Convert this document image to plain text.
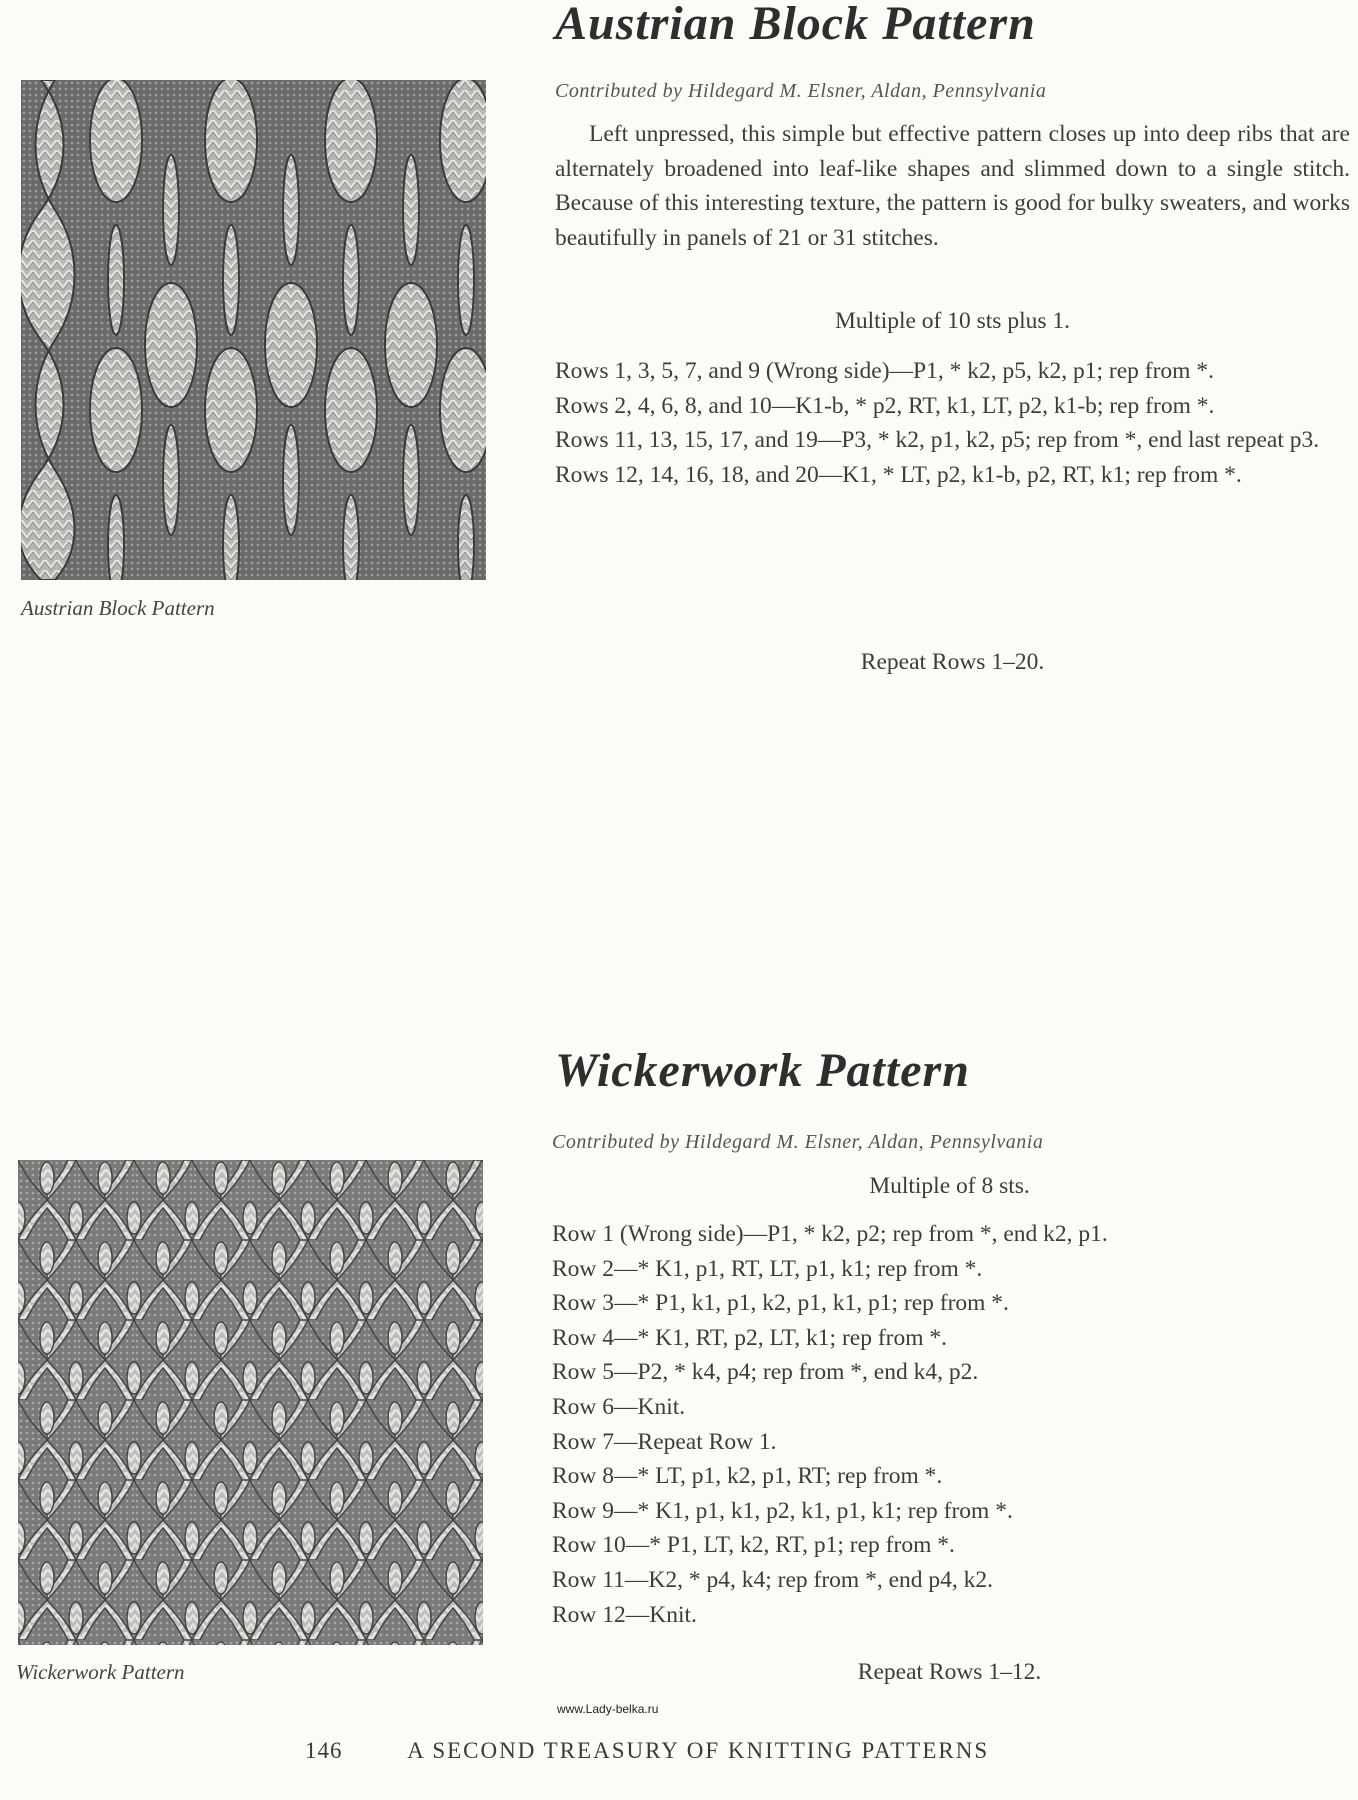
Austrian Block Pattern
Austrian Block Pattern
Contributed by Hildegard M. Elsner, Aldan, Pennsylvania

Left unpressed, this simple but effective pattern closes up into deep ribs that are alternately broadened into leaf-like shapes and slimmed down to a single stitch. Because of this interesting texture, the pattern is good for bulky sweaters, and works beautifully in panels of 21 or 31 stitches.

Multiple of 10 sts plus 1.
Rows 1, 3, 5, 7, and 9 (Wrong side)—P1, * k2, p5, k2, p1; rep from *.
Rows 2, 4, 6, 8, and 10—K1-b, * p2, RT, k1, LT, p2, k1-b; rep from *.
Rows 11, 13, 15, 17, and 19—P3, * k2, p1, k2, p5; rep from *, end last repeat p3.
Rows 12, 14, 16, 18, and 20—K1, * LT, p2, k1-b, p2, RT, k1; rep from *.
Repeat Rows 1–20.
Wickerwork Pattern
Wickerwork Pattern
Contributed by Hildegard M. Elsner, Aldan, Pennsylvania
Multiple of 8 sts.
Row 1 (Wrong side)—P1, * k2, p2; rep from *, end k2, p1.
Row 2—* K1, p1, RT, LT, p1, k1; rep from *.
Row 3—* P1, k1, p1, k2, p1, k1, p1; rep from *.
Row 4—* K1, RT, p2, LT, k1; rep from *.
Row 5—P2, * k4, p4; rep from *, end k4, p2.
Row 6—Knit.
Row 7—Repeat Row 1.
Row 8—* LT, p1, k2, p1, RT; rep from *.
Row 9—* K1, p1, k1, p2, k1, p1, k1; rep from *.
Row 10—* P1, LT, k2, RT, p1; rep from *.
Row 11—K2, * p4, k4; rep from *, end p4, k2.
Row 12—Knit.
Repeat Rows 1–12.
www.Lady-belka.ru
146	A SECOND TREASURY OF KNITTING PATTERNS
